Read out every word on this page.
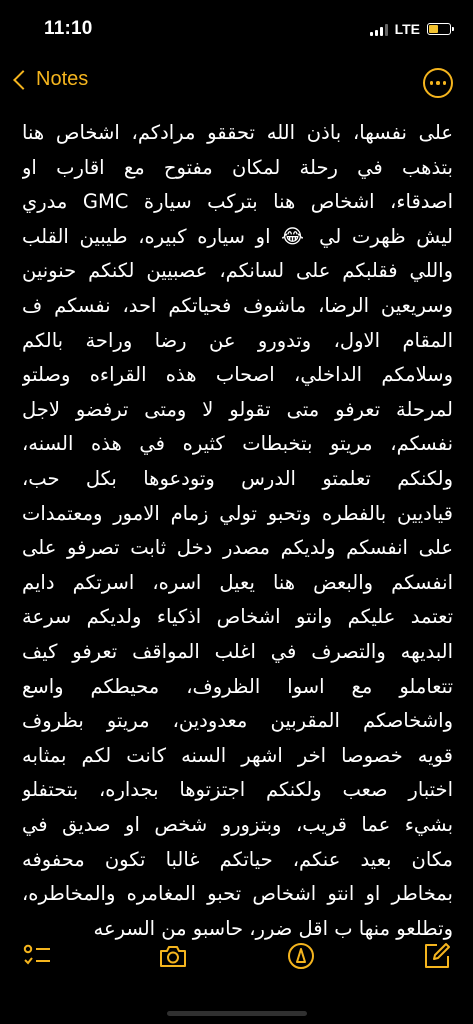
11:10	LTE
Notes
على نفسها، باذن الله تحققو مرادكم، اشخاص هنا
بتذهب في رحلة لمكان مفتوح مع اقارب او
اصدقاء، اشخاص هنا بتركب سيارة GMC مدري
ليش ظهرت لي 😂 او سياره كبيره، طيبين القلب
واللي فقلبكم على لسانكم، عصبيين لكنكم حنونين
وسريعين الرضا، ماشوف فحياتكم احد، نفسكم ف
المقام الاول، وتدورو عن رضا وراحة بالكم
وسلامكم الداخلي، اصحاب هذه القراءه وصلتو
لمرحلة تعرفو متى تقولو لا ومتى ترفضو لاجل
نفسكم، مريتو بتخبطات كثيره في هذه السنه،
ولكنكم تعلمتو الدرس وتودعوها بكل حب،
قياديين بالفطره وتحبو تولي زمام الامور ومعتمدات
على انفسكم ولديكم مصدر دخل ثابت تصرفو على
انفسكم والبعض هنا يعيل اسره، اسرتكم دايم
تعتمد عليكم وانتو اشخاص اذكياء ولديكم سرعة
البديهه والتصرف في اغلب المواقف تعرفو كيف
تتعاملو مع اسوا الظروف، محيطكم واسع
واشخاصكم المقربين معدودين، مريتو بظروف
قويه خصوصا اخر اشهر السنه كانت لكم بمثابه
اختبار صعب ولكنكم اجتزتوها بجداره، بتحتفلو
بشيء عما قريب، وبتزورو شخص او صديق في
مكان بعيد عنكم، حياتكم غالبا تكون محفوفه
بمخاطر او انتو اشخاص تحبو المغامره والمخاطره،
وتطلعو منها ب اقل ضرر، حاسبو من السرعه
